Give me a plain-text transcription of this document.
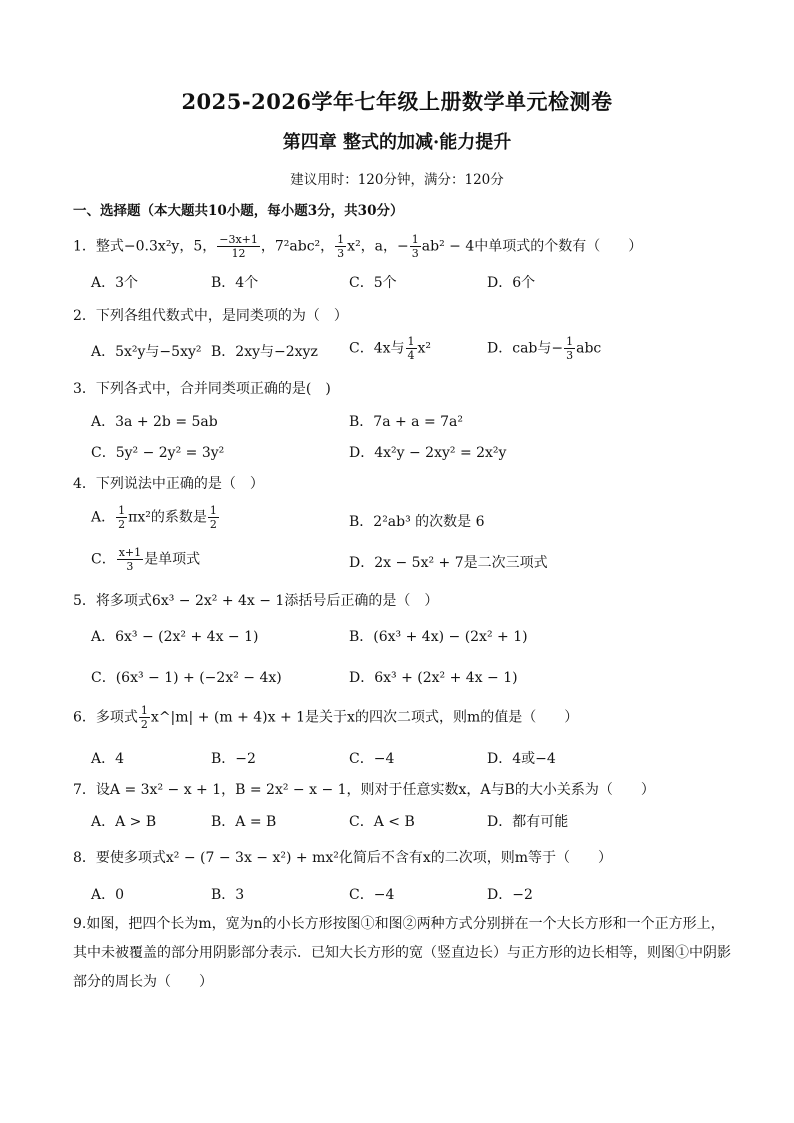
2025-2026学年七年级上册数学单元检测卷
第四章 整式的加减·能力提升
建议用时：120分钟，满分：120分
一、选择题（本大题共10小题，每小题3分，共30分）
1．整式−0.3x²y，5， $\frac{-3x+1}{12}$ ，7²abc²， $\frac{1}{3} x^2$，a，− $\frac{1}{3} ab^2 - 4$中单项式的个数有（　　）
A．3个	B．4个	C．5个	D．6个
2．下列各组代数式中，是同类项的为（　）
A．5x²y与−5xy² B．2xy与−2xyz C．4x与 $\frac{1}{4} x^2$	D．cab与− $\frac{1}{3}$ abc
3．下列各式中，合并同类项正确的是(　)
A．3a + 2b = 5ab	B．7a + a = 7a²
C．5y² − 2y² = 3y²	D．4x²y − 2xy² = 2x²y
4．下列说法中正确的是（　）
A． $\frac{1}{2} \pi x^2$的系数是 $\frac{1}{2}$	B．2²ab³ 的次数是 6
C． $\frac{x+1}{3}$ 是单项式	D．2x − 5x² + 7是二次三项式
5．将多项式6x³ − 2x² + 4x − 1添括号后正确的是（　）
A．6x³ − (2x² + 4x − 1)	B．(6x³ + 4x) − (2x² + 1)
C．(6x³ − 1) + (−2x² − 4x)	D．6x³ + (2x² + 4x − 1)
6．多项式 $\frac{1}{2}$ x^|m| + (m + 4)x + 1是关于x的四次二项式，则m的值是（　　）
A．4	B．−2	C．−4	D．4或−4
7．设A = 3x² − x + 1，B = 2x² − x − 1，则对于任意实数x，A与B的大小关系为（　　）
A．A > B	B．A = B	C．A < B	D．都有可能
8．要使多项式x² − (7 − 3x − x²) + mx²化简后不含有x的二次项，则m等于（　　）
A．0	B．3	C．−4	D．−2
9.如图，把四个长为m，宽为n的小长方形按图①和图②两种方式分别拼在一个大长方形和一个正方形上，其中未被覆盖的部分用阴影部分表示．已知大长方形的宽（竖直边长）与正方形的边长相等，则图①中阴影部分的周长为（　　）
